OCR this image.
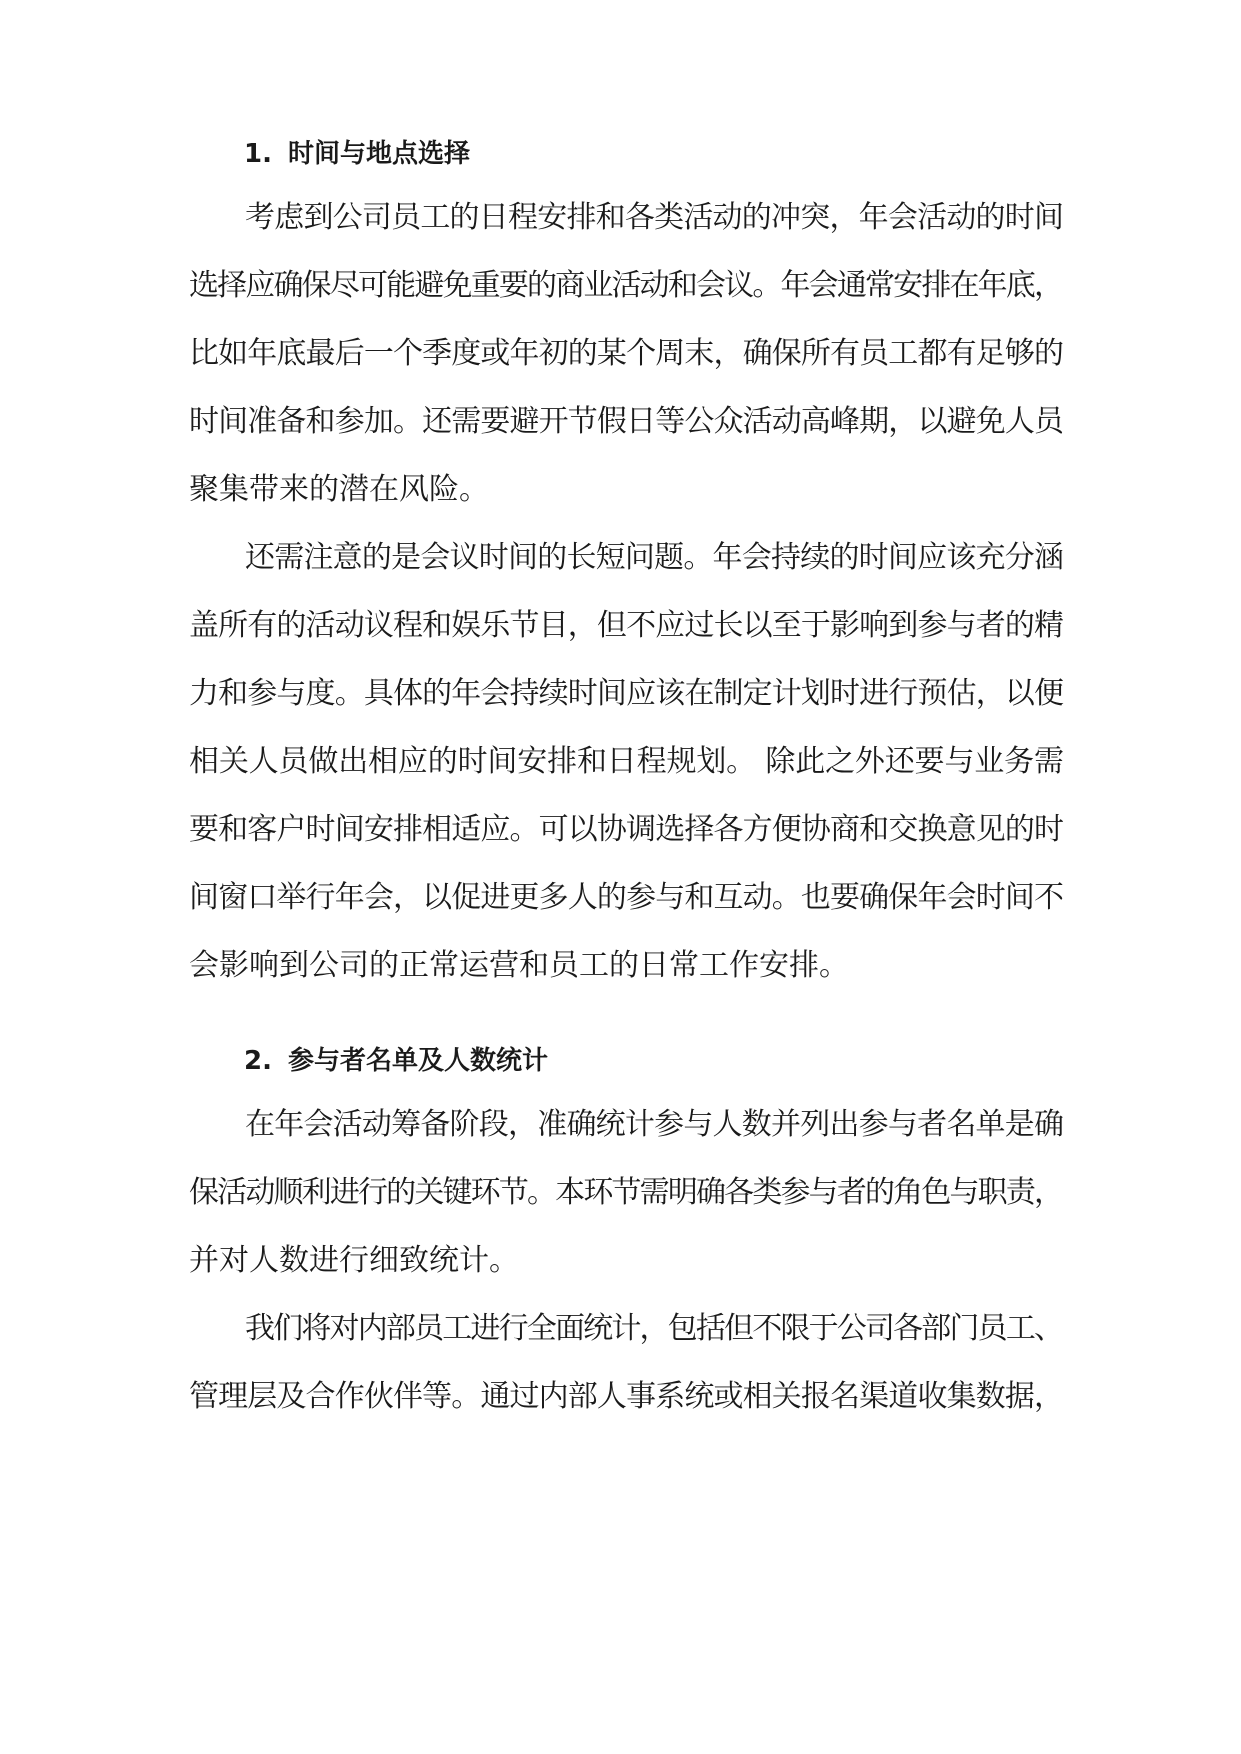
1. 时间与地点选择

考虑到公司员工的日程安排和各类活动的冲突，年会活动的时间

选择应确保尽可能避免重要的商业活动和会议。年会通常安排在年底，

比如年底最后一个季度或年初的某个周末，确保所有员工都有足够的

时间准备和参加。还需要避开节假日等公众活动高峰期，以避免人员

聚集带来的潜在风险。

还需注意的是会议时间的长短问题。年会持续的时间应该充分涵

盖所有的活动议程和娱乐节目，但不应过长以至于影响到参与者的精

力和参与度。具体的年会持续时间应该在制定计划时进行预估，以便

相关人员做出相应的时间安排和日程规划。 除此之外还要与业务需

要和客户时间安排相适应。可以协调选择各方便协商和交换意见的时

间窗口举行年会，以促进更多人的参与和互动。也要确保年会时间不

会影响到公司的正常运营和员工的日常工作安排。

2. 参与者名单及人数统计

在年会活动筹备阶段，准确统计参与人数并列出参与者名单是确

保活动顺利进行的关键环节。本环节需明确各类参与者的角色与职责，

并对人数进行细致统计。

我们将对内部员工进行全面统计，包括但不限于公司各部门员工、

管理层及合作伙伴等。通过内部人事系统或相关报名渠道收集数据，
